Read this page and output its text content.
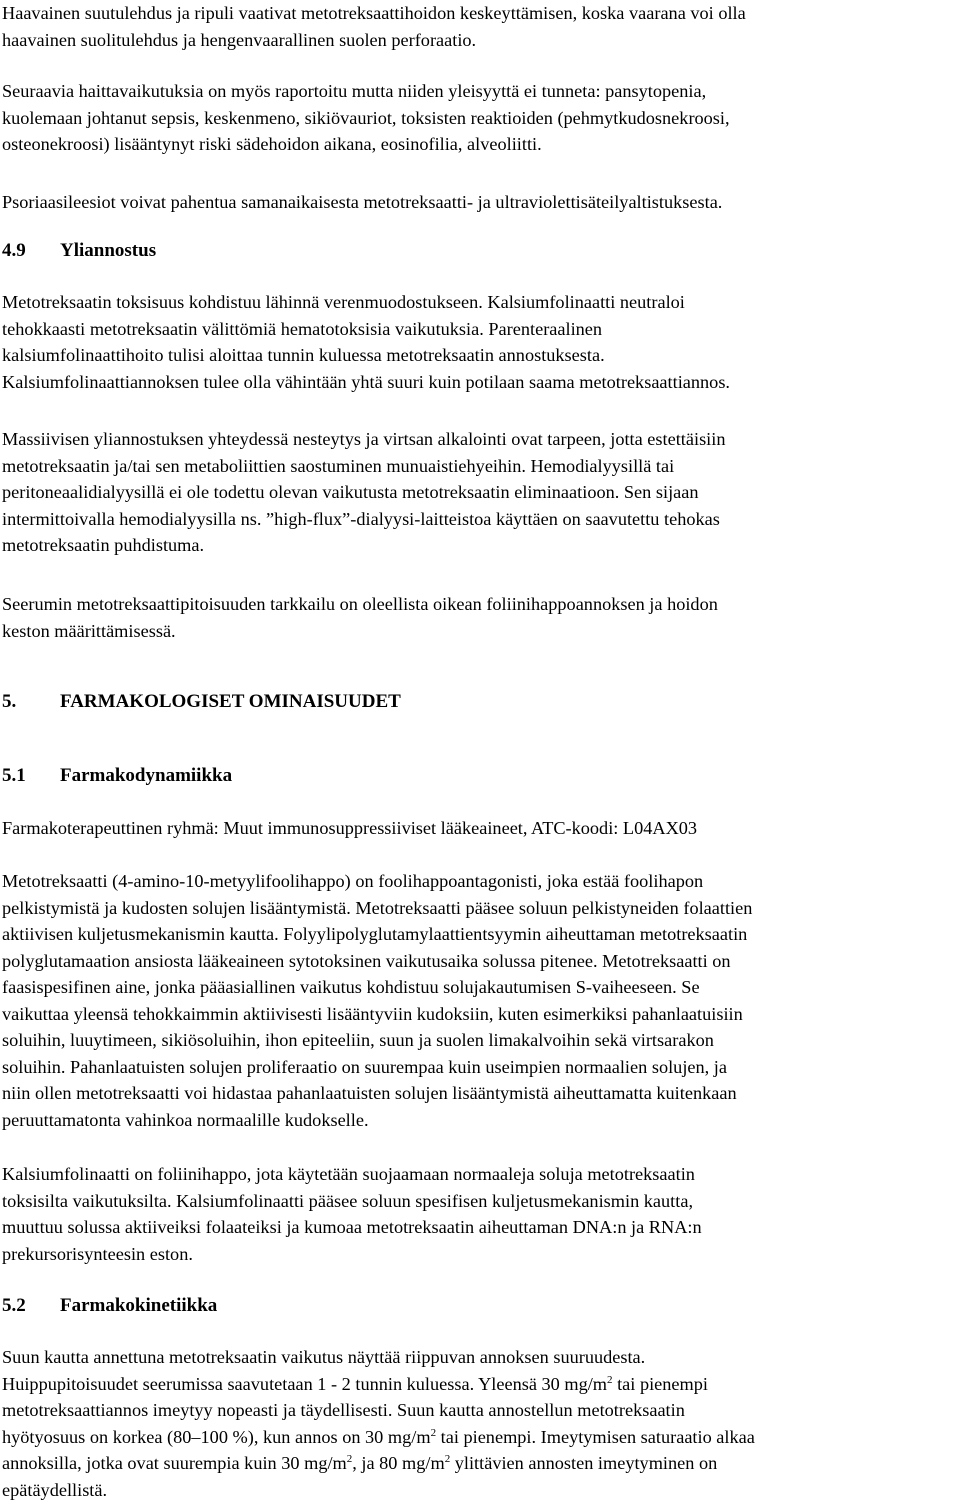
Haavainen suutulehdus ja ripuli vaativat metotreksaattihoidon keskeyttämisen, koska vaarana voi olla
haavainen suolitulehdus ja hengenvaarallinen suolen perforaatio.

Seuraavia haittavaikutuksia on myös raportoitu mutta niiden yleisyyttä ei tunneta: pansytopenia,
kuolemaan johtanut sepsis, keskenmeno, sikiövauriot, toksisten reaktioiden (pehmytkudosnekroosi,
osteonekroosi) lisääntynyt riski sädehoidon aikana, eosinofilia, alveoliitti.

Psoriaasileesiot voivat pahentua samanaikaisesta metotreksaatti- ja ultraviolettisäteilyaltistuksesta.

4.9 Yliannostus

Metotreksaatin toksisuus kohdistuu lähinnä verenmuodostukseen. Kalsiumfolinaatti neutraloi
tehokkaasti metotreksaatin välittömiä hematotoksisia vaikutuksia. Parenteraalinen
kalsiumfolinaattihoito tulisi aloittaa tunnin kuluessa metotreksaatin annostuksesta.
Kalsiumfolinaattiannoksen tulee olla vähintään yhtä suuri kuin potilaan saama metotreksaattiannos.

Massiivisen yliannostuksen yhteydessä nesteytys ja virtsan alkalointi ovat tarpeen, jotta estettäisiin
metotreksaatin ja/tai sen metaboliittien saostuminen munuaistiehyeihin. Hemodialyysillä tai
peritoneaalidialyysillä ei ole todettu olevan vaikutusta metotreksaatin eliminaatioon. Sen sijaan
intermittoivalla hemodialyysilla ns. ”high-flux”-dialyysi-laitteistoa käyttäen on saavutettu tehokas
metotreksaatin puhdistuma.

Seerumin metotreksaattipitoisuuden tarkkailu on oleellista oikean foliinihappoannoksen ja hoidon
keston määrittämisessä.

5. FARMAKOLOGISET OMINAISUUDET
5.1 Farmakodynamiikka

Farmakoterapeuttinen ryhmä: Muut immunosuppressiiviset lääkeaineet, ATC-koodi: L04AX03

Metotreksaatti (4-amino-10-metyylifoolihappo) on foolihappoantagonisti, joka estää foolihapon
pelkistymistä ja kudosten solujen lisääntymistä. Metotreksaatti pääsee soluun pelkistyneiden folaattien
aktiivisen kuljetusmekanismin kautta. Folyylipolyglutamylaattientsyymin aiheuttaman metotreksaatin
polyglutamaation ansiosta lääkeaineen sytotoksinen vaikutusaika solussa pitenee. Metotreksaatti on
faasispesifinen aine, jonka pääasiallinen vaikutus kohdistuu solujakautumisen S-vaiheeseen. Se
vaikuttaa yleensä tehokkaimmin aktiivisesti lisääntyviin kudoksiin, kuten esimerkiksi pahanlaatuisiin
soluihin, luuytimeen, sikiösoluihin, ihon epiteeliin, suun ja suolen limakalvoihin sekä virtsarakon
soluihin. Pahanlaatuisten solujen proliferaatio on suurempaa kuin useimpien normaalien solujen, ja
niin ollen metotreksaatti voi hidastaa pahanlaatuisten solujen lisääntymistä aiheuttamatta kuitenkaan
peruuttamatonta vahinkoa normaalille kudokselle.

Kalsiumfolinaatti on foliinihappo, jota käytetään suojaamaan normaaleja soluja metotreksaatin
toksisilta vaikutuksilta. Kalsiumfolinaatti pääsee soluun spesifisen kuljetusmekanismin kautta,
muuttuu solussa aktiiveiksi folaateiksi ja kumoaa metotreksaatin aiheuttaman DNA:n ja RNA:n
prekursorisynteesin eston.

5.2 Farmakokinetiikka

Suun kautta annettuna metotreksaatin vaikutus näyttää riippuvan annoksen suuruudesta.
Huippupitoisuudet seerumissa saavutetaan 1 - 2 tunnin kuluessa. Yleensä 30 $mg/m^2$ tai pienempi
metotreksaattiannos imeytyy nopeasti ja täydellisesti. Suun kautta annostellun metotreksaatin
hyötyosuus on korkea (80–100 %), kun annos on 30 $mg/m^2$ tai pienempi. Imeytymisen saturaatio alkaa
annoksilla, jotka ovat suurempia kuin 30 $mg/m^2$, ja 80 $mg/m^2$ ylittävien annosten imeytyminen on
epätäydellistä.
